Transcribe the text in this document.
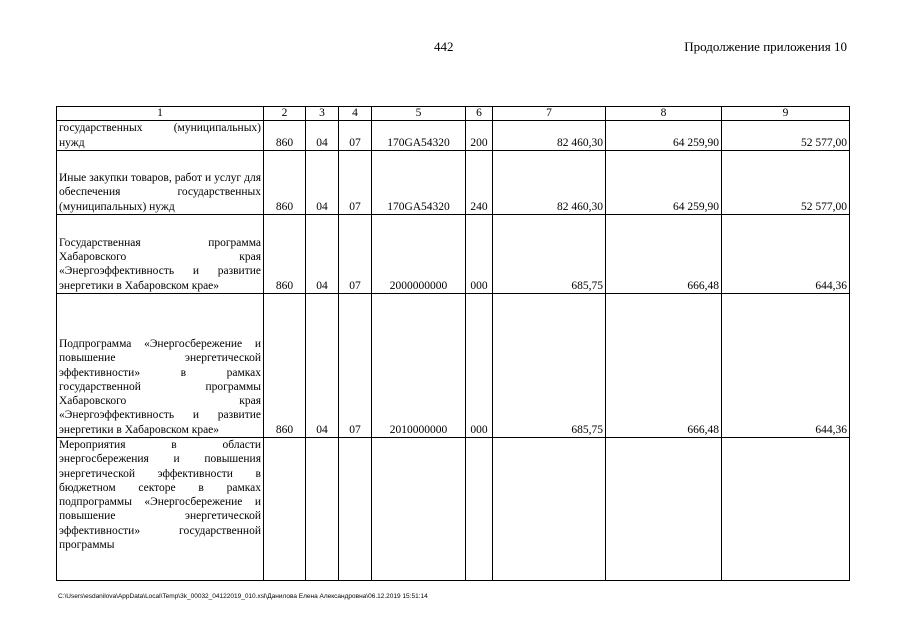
442	Продолжение приложения 10
1	2	3	4	5	6	7	8	9
государственных (муниципальных) нужд	860	04	07	170GA54320	200	82 460,30	64 259,90	52 577,00
Иные закупки товаров, работ и услуг для обеспечения государственных (муниципальных) нужд	860	04	07	170GA54320	240	82 460,30	64 259,90	52 577,00
Государственная программа Хабаровского края «Энергоэффективность и развитие энергетики в Хабаровском крае»	860	04	07	2000000000	000	685,75	666,48	644,36
Подпрограмма «Энергосбережение и повышение энергетической эффективности» в рамках государственной программы Хабаровского края «Энергоэффективность и развитие энергетики в Хабаровском крае»	860	04	07	2010000000	000	685,75	666,48	644,36
Мероприятия в области энергосбережения и повышения энергетической эффективности в бюджетном секторе в рамках подпрограммы «Энергосбережение и повышение энергетической эффективности» государственной программы								
C:\Users\esdanilova\AppData\Local\Temp\3k_00032_04122019_010.xsl\Данилова Елена Александровна\06.12.2019 15:51:14
